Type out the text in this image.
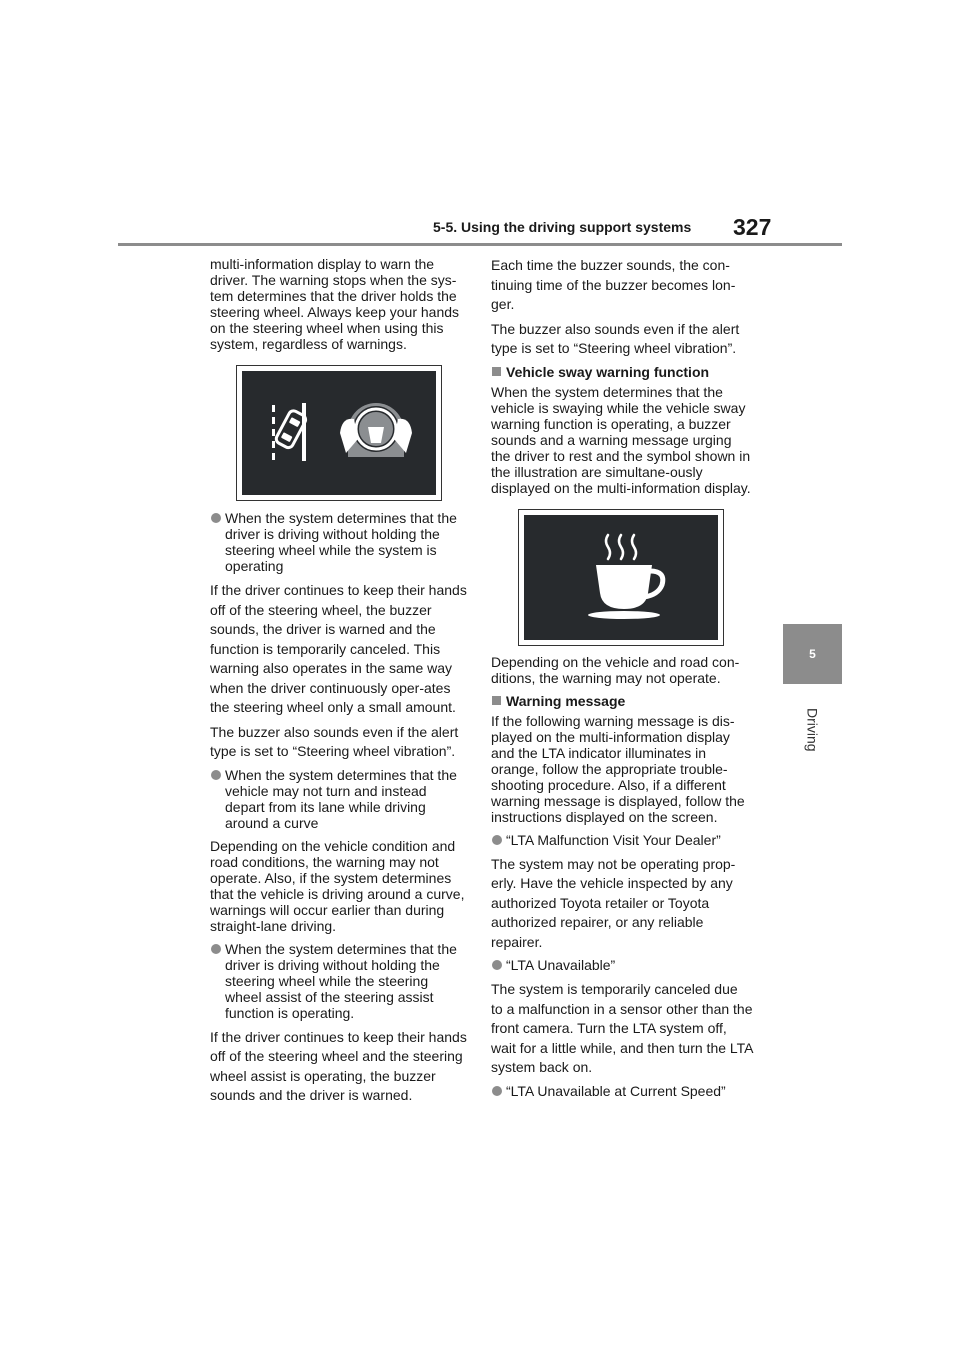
5-5. Using the driving support systems 327
5
Driving

multi-information display to warn the driver. The warning stops when the sys-tem determines that the driver holds the steering wheel. Always keep your hands on the steering wheel when using this system, regardless of warnings.

When the system determines that the driver is driving without holding the steering wheel while the system is operating

If the driver continues to keep their hands off of the steering wheel, the buzzer sounds, the driver is warned and the function is temporarily canceled. This warning also operates in the same way when the driver continuously oper-ates the steering wheel only a small amount.

The buzzer also sounds even if the alert type is set to “Steering wheel vibration”.

When the system determines that the vehicle may not turn and instead depart from its lane while driving around a curve

Depending on the vehicle condition and road conditions, the warning may not operate. Also, if the system determines that the vehicle is driving around a curve, warnings will occur earlier than during straight-lane driving.

When the system determines that the driver is driving without holding the steering wheel while the steering wheel assist of the steering assist function is operating.

If the driver continues to keep their hands off of the steering wheel and the steering wheel assist is operating, the buzzer sounds and the driver is warned.

Each time the buzzer sounds, the con-tinuing time of the buzzer becomes lon-ger.

The buzzer also sounds even if the alert type is set to “Steering wheel vibration”.

Vehicle sway warning function

When the system determines that the vehicle is swaying while the vehicle sway warning function is operating, a buzzer sounds and a warning message urging the driver to rest and the symbol shown in the illustration are simultane-ously displayed on the multi-information display.

Depending on the vehicle and road con-ditions, the warning may not operate.

Warning message

If the following warning message is dis-played on the multi-information display and the LTA indicator illuminates in orange, follow the appropriate trouble-shooting procedure. Also, if a different warning message is displayed, follow the instructions displayed on the screen.

“LTA Malfunction Visit Your Dealer”

The system may not be operating prop-erly. Have the vehicle inspected by any authorized Toyota retailer or Toyota authorized repairer, or any reliable repairer.

“LTA Unavailable”

The system is temporarily canceled due to a malfunction in a sensor other than the front camera. Turn the LTA system off, wait for a little while, and then turn the LTA system back on.

“LTA Unavailable at Current Speed”
